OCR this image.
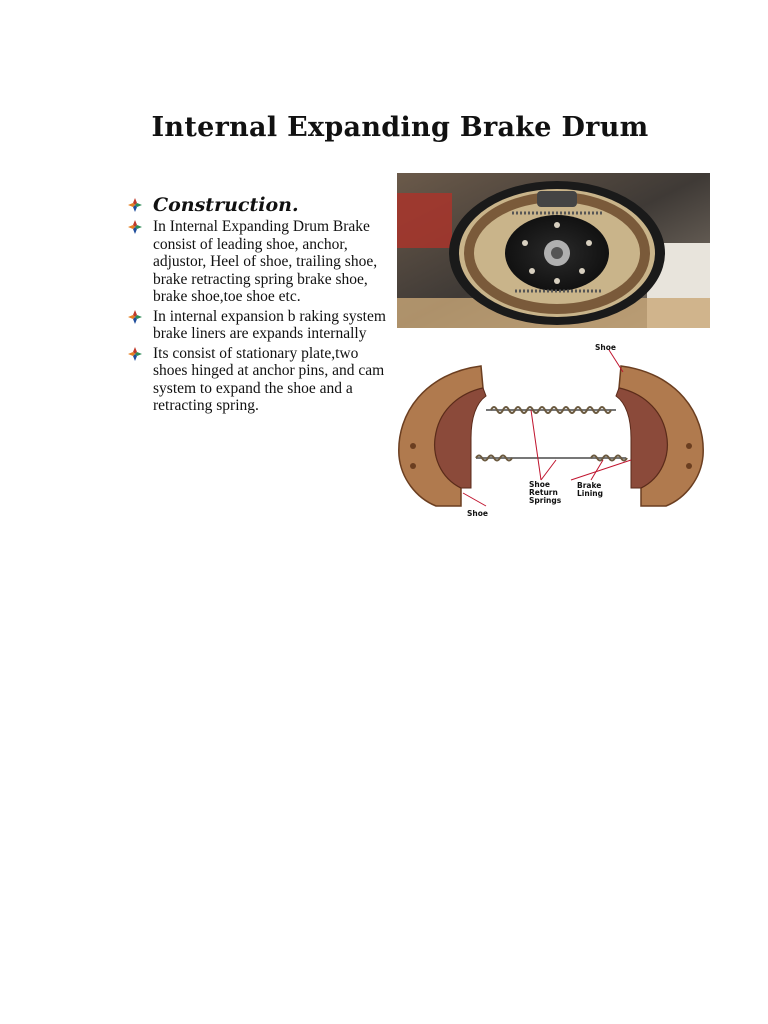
Internal Expanding Brake Drum
Construction.
In Internal Expanding Drum Brake consist of leading shoe, anchor, adjustor, Heel of shoe, trailing shoe, brake retracting spring brake shoe, brake shoe,toe shoe etc.
In internal expansion b raking system brake liners are expands internally
Its consist of stationary plate,two shoes hinged at anchor pins, and cam system to expand the shoe and a retracting spring.
Shoe
Shoe
Return
Springs
Brake
Lining
Shoe
